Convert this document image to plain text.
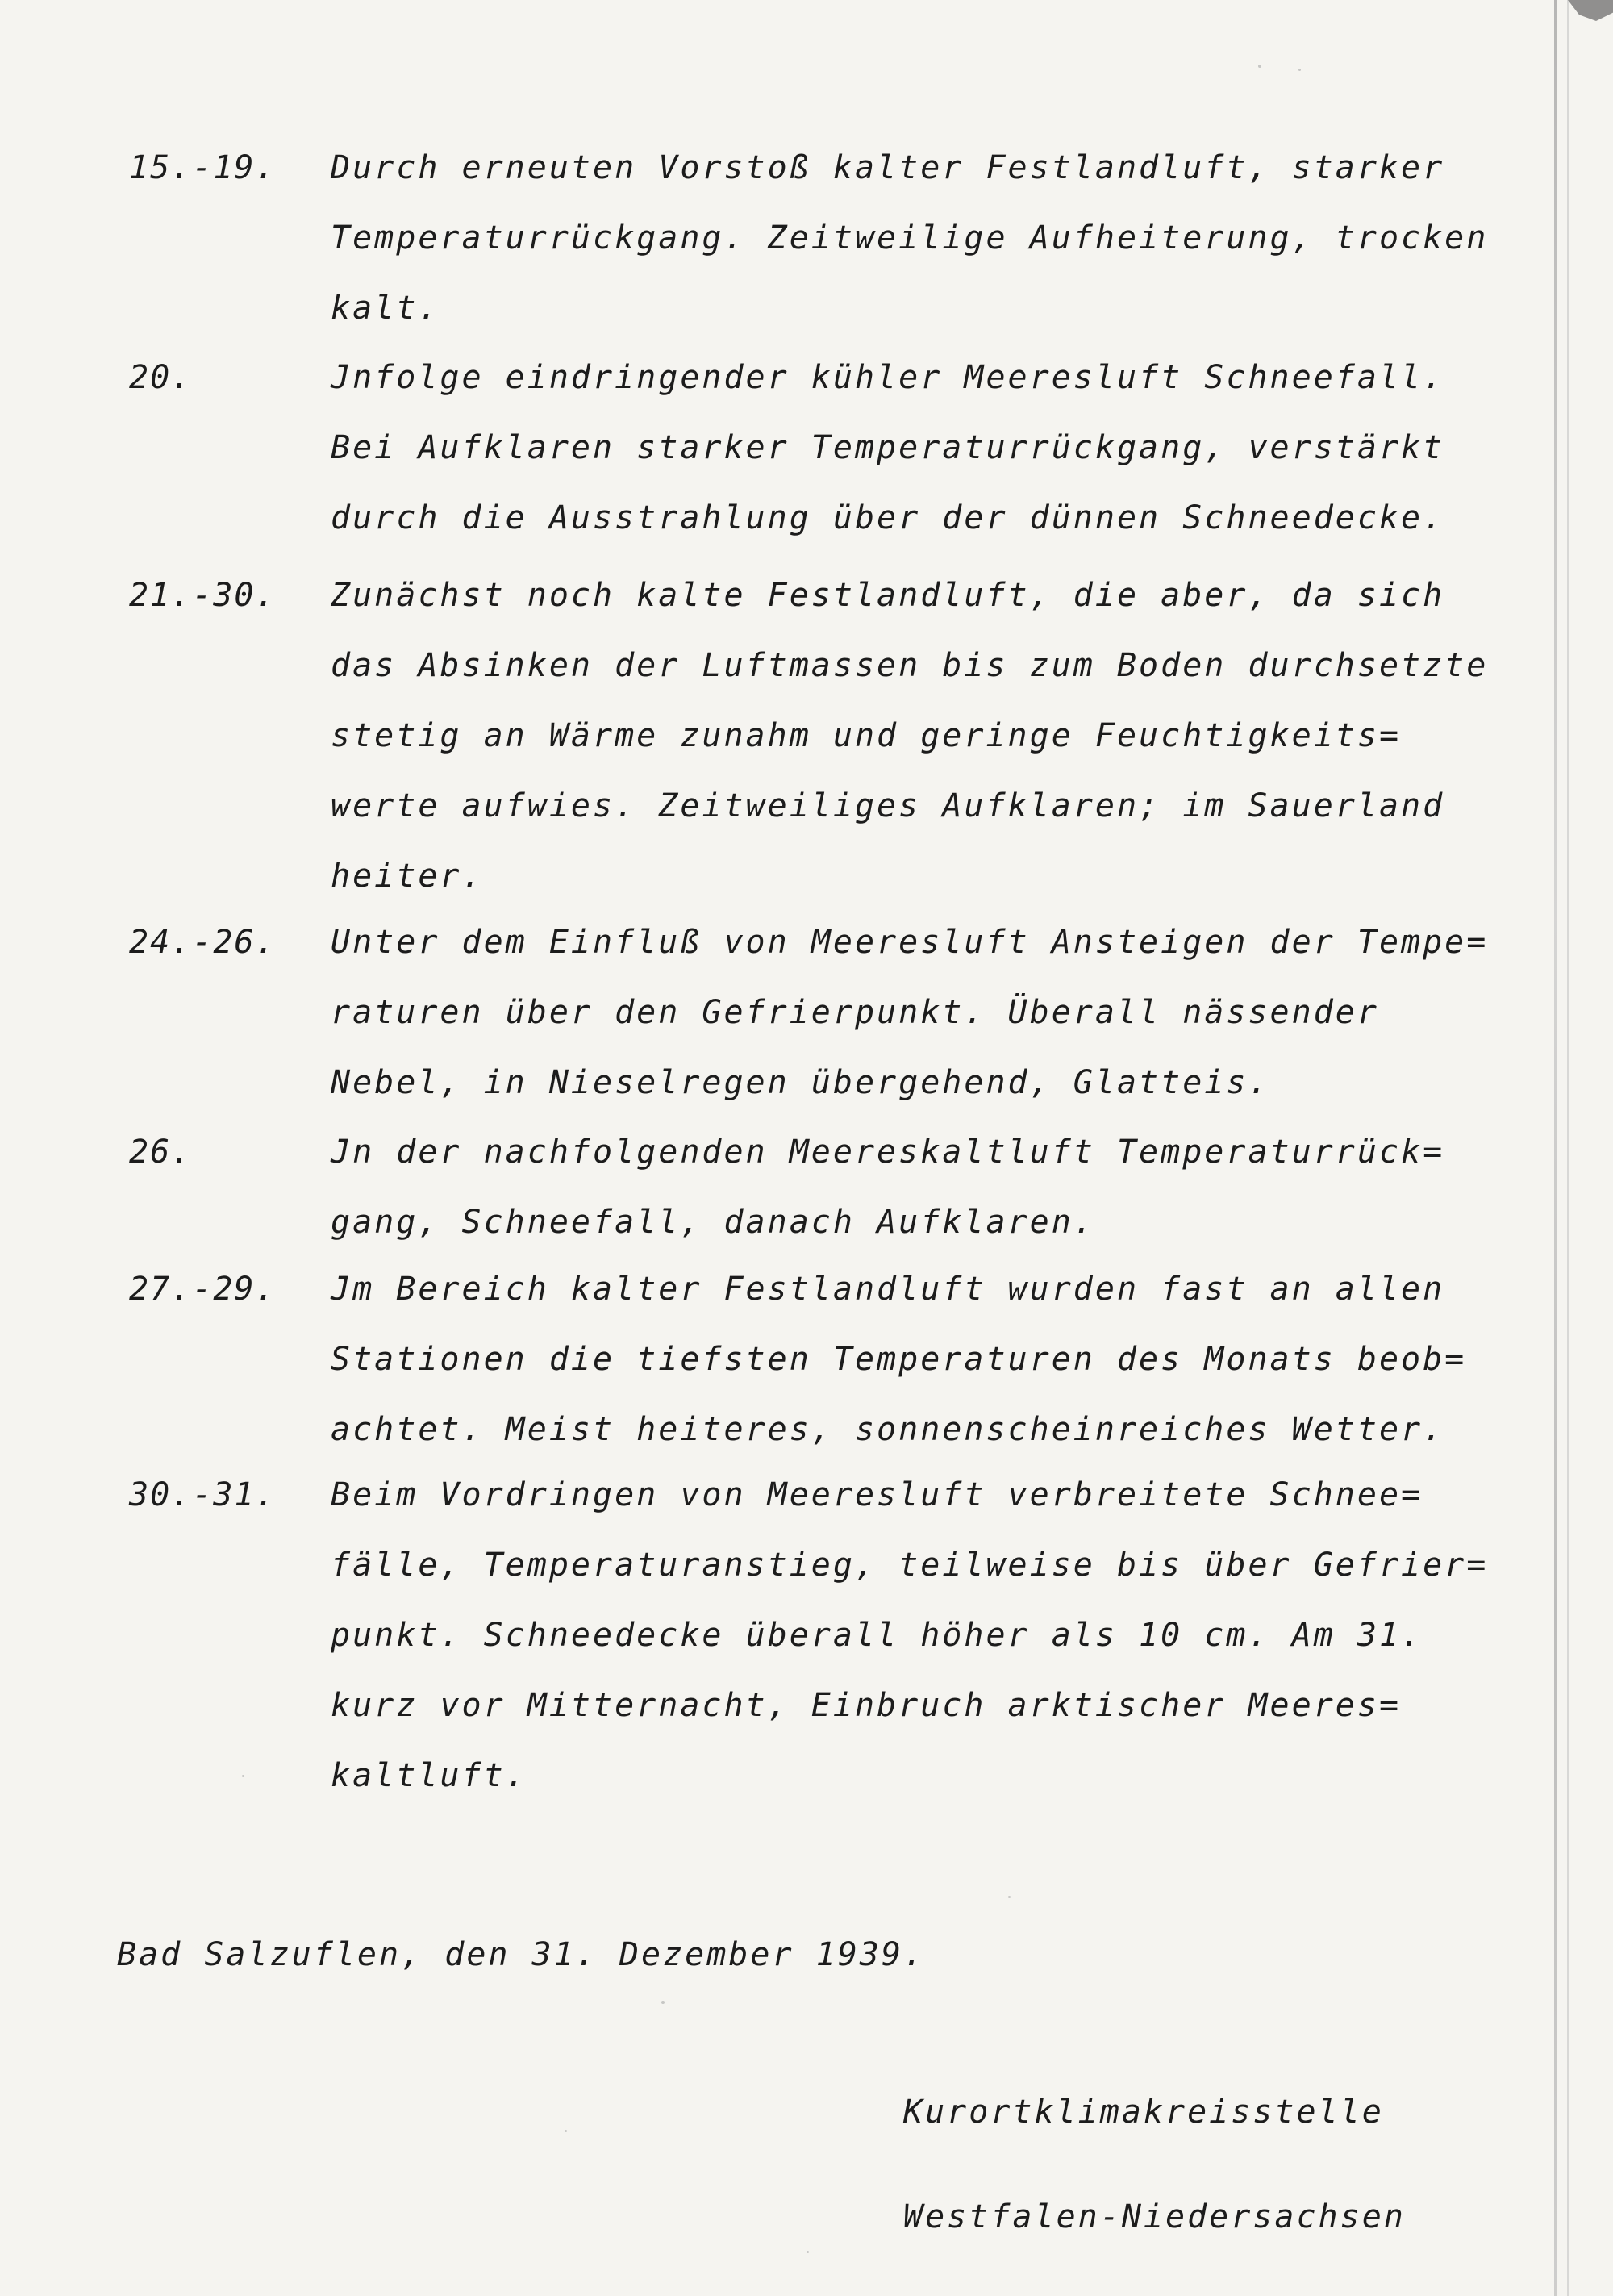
15.-19. Durch erneuten Vorstoß kalter Festlandluft, starker
Temperaturrückgang. Zeitweilige Aufheiterung, trocken
kalt.
20.	Jnfolge eindringender kühler Meeresluft Schneefall.
Bei Aufklaren starker Temperaturrückgang, verstärkt
durch die Ausstrahlung über der dünnen Schneedecke.
21.-30. Zunächst noch kalte Festlandluft, die aber, da sich
das Absinken der Luftmassen bis zum Boden durchsetzte
stetig an Wärme zunahm und geringe Feuchtigkeits=
werte aufwies. Zeitweiliges Aufklaren; im Sauerland
heiter.
24.-26. Unter dem Einfluß von Meeresluft Ansteigen der Tempe=
raturen über den Gefrierpunkt. Überall nässender
Nebel, in Nieselregen übergehend, Glatteis.
26.	Jn der nachfolgenden Meereskaltluft Temperaturrück=
gang, Schneefall, danach Aufklaren.
27.-29. Jm Bereich kalter Festlandluft wurden fast an allen
Stationen die tiefsten Temperaturen des Monats beob=
achtet. Meist heiteres, sonnenscheinreiches Wetter.
30.-31. Beim Vordringen von Meeresluft verbreitete Schnee=
fälle, Temperaturanstieg, teilweise bis über Gefrier=
punkt. Schneedecke überall höher als 10 cm. Am 31.
kurz vor Mitternacht, Einbruch arktischer Meeres=
kaltluft.
Bad Salzuflen, den 31. Dezember 1939.
Kurortklimakreisstelle
Westfalen-Niedersachsen
